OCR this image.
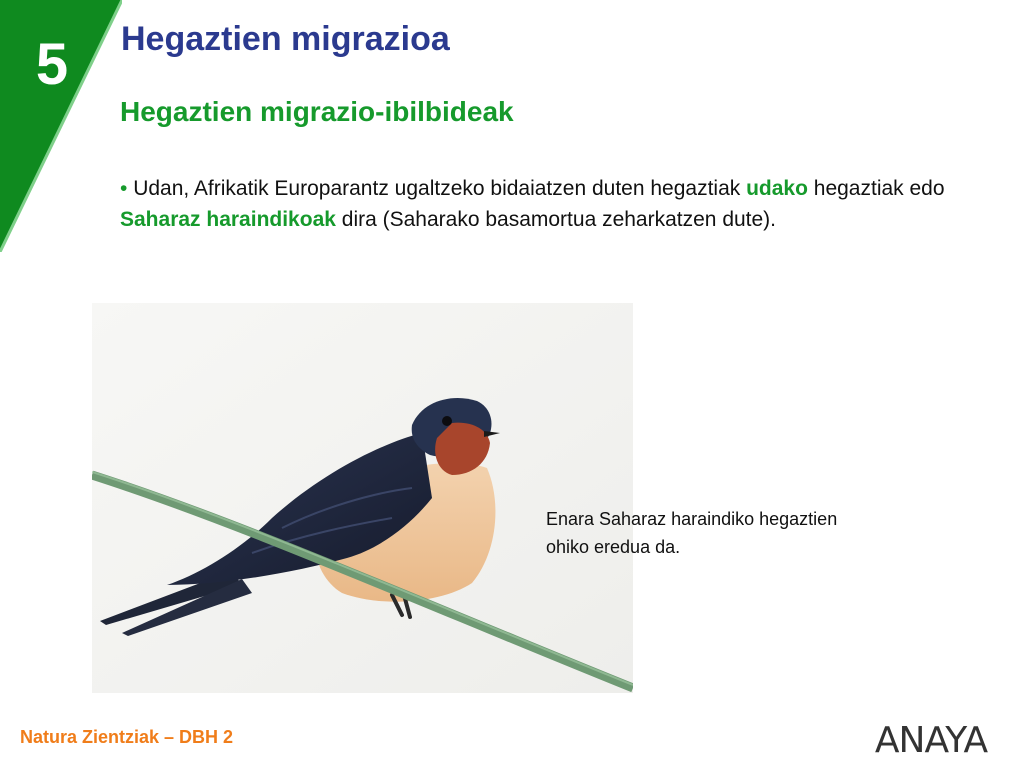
5 Hegaztien migrazioa
Hegaztien migrazio-ibilbideak

• Udan, Afrikatik Europarantz ugaltzeko bidaiatzen duten hegaztiak udako hegaztiak edo Saharaz haraindikoak dira (Saharako basamortua zeharkatzen dute).

Enara Saharaz haraindiko hegaztien ohiko eredua da.

Natura Zientziak – DBH 2	ANAYA
